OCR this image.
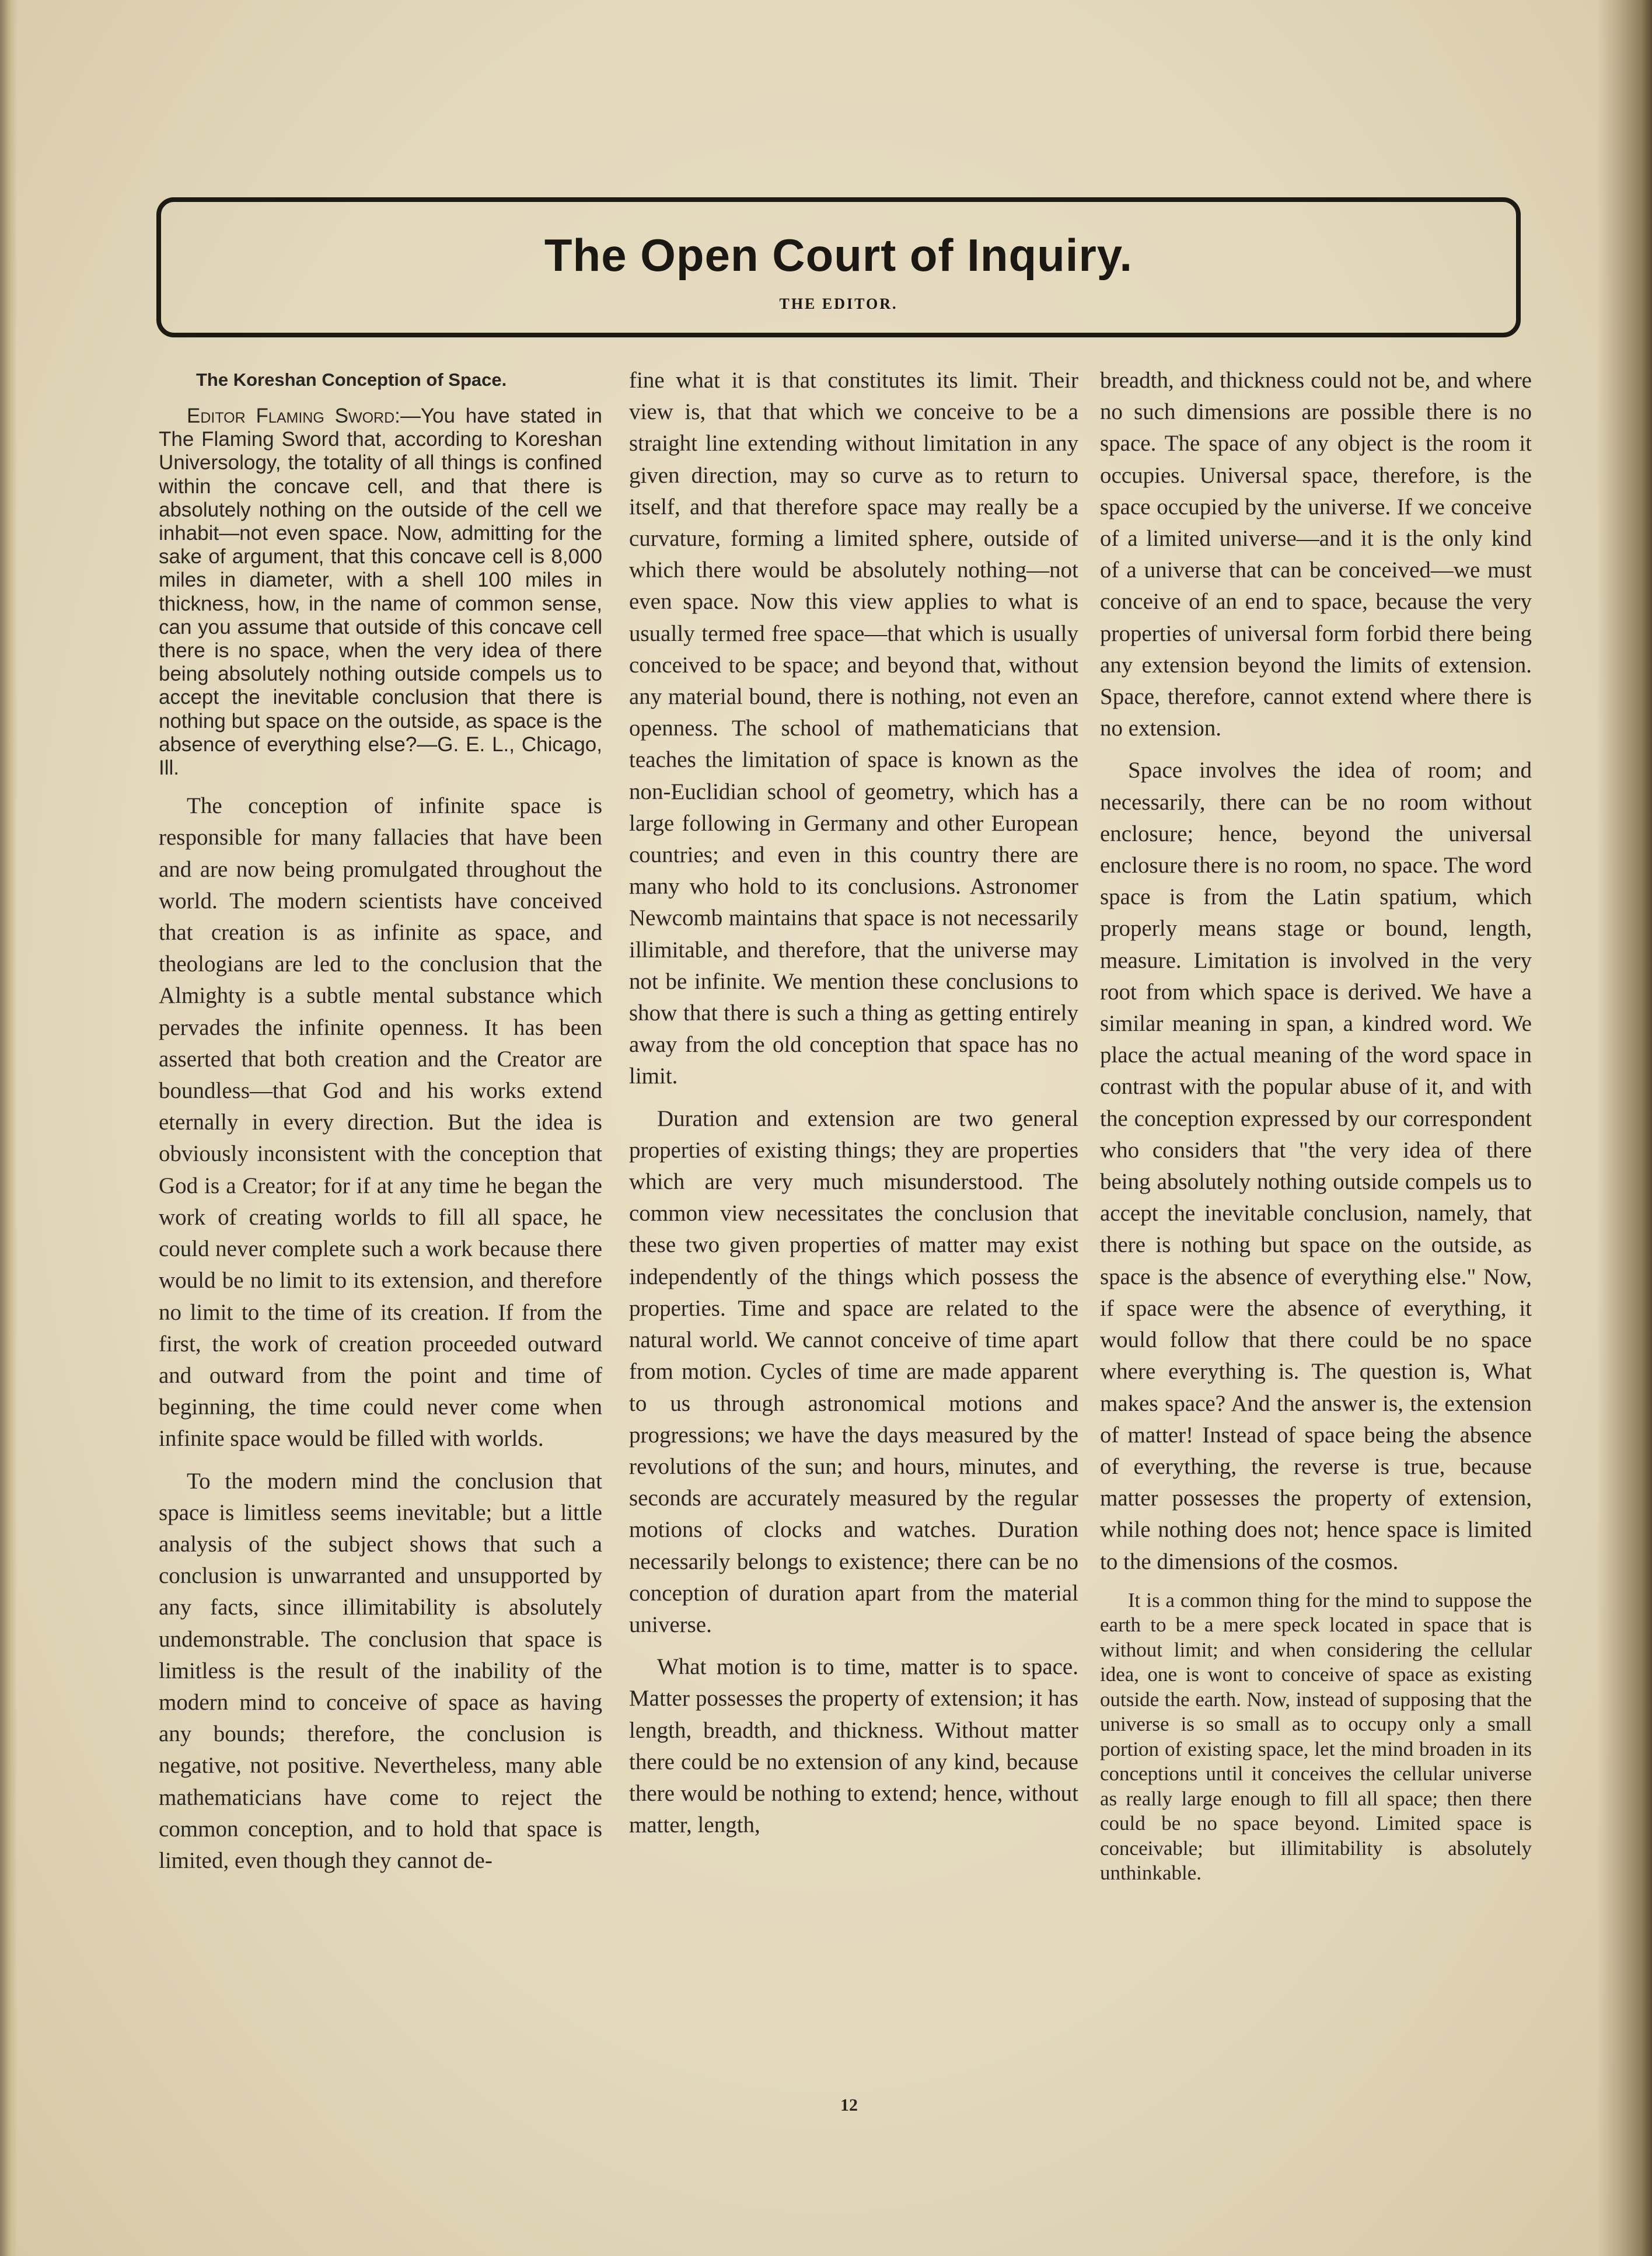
The Open Court of Inquiry.
THE EDITOR.
The Koreshan Conception of Space.

Editor Flaming Sword:—You have stated in The Flaming Sword that, according to Koreshan Universology, the totality of all things is confined within the concave cell, and that there is absolutely nothing on the outside of the cell we inhabit—not even space. Now, admitting for the sake of argument, that this concave cell is 8,000 miles in diameter, with a shell 100 miles in thickness, how, in the name of common sense, can you assume that outside of this concave cell there is no space, when the very idea of there being absolutely nothing outside compels us to accept the inevitable conclusion that there is nothing but space on the outside, as space is the absence of everything else?—G. E. L., Chicago, Ill.

The conception of infinite space is responsible for many fallacies that have been and are now being promulgated throughout the world. The modern scientists have conceived that creation is as infinite as space, and theologians are led to the conclusion that the Almighty is a subtle mental substance which pervades the infinite openness. It has been asserted that both creation and the Creator are boundless—that God and his works extend eternally in every direction. But the idea is obviously inconsistent with the conception that God is a Creator; for if at any time he began the work of creating worlds to fill all space, he could never complete such a work because there would be no limit to its extension, and therefore no limit to the time of its creation. If from the first, the work of creation proceeded outward and outward from the point and time of beginning, the time could never come when infinite space would be filled with worlds.

To the modern mind the conclusion that space is limitless seems inevitable; but a little analysis of the subject shows that such a conclusion is unwarranted and unsupported by any facts, since illimitability is absolutely undemonstrable. The conclusion that space is limitless is the result of the inability of the modern mind to conceive of space as having any bounds; therefore, the conclusion is negative, not positive. Nevertheless, many able mathematicians have come to reject the common conception, and to hold that space is limited, even though they cannot de-

fine what it is that constitutes its limit. Their view is, that that which we conceive to be a straight line extending without limitation in any given direction, may so curve as to return to itself, and that therefore space may really be a curvature, forming a limited sphere, outside of which there would be absolutely nothing—not even space. Now this view applies to what is usually termed free space—that which is usually conceived to be space; and beyond that, without any material bound, there is nothing, not even an openness. The school of mathematicians that teaches the limitation of space is known as the non-Euclidian school of geometry, which has a large following in Germany and other European countries; and even in this country there are many who hold to its conclusions. Astronomer Newcomb maintains that space is not necessarily illimitable, and therefore, that the universe may not be infinite. We mention these conclusions to show that there is such a thing as getting entirely away from the old conception that space has no limit.

Duration and extension are two general properties of existing things; they are properties which are very much misunderstood. The common view necessitates the conclusion that these two given properties of matter may exist independently of the things which possess the properties. Time and space are related to the natural world. We cannot conceive of time apart from motion. Cycles of time are made apparent to us through astronomical motions and progressions; we have the days measured by the revolutions of the sun; and hours, minutes, and seconds are accurately measured by the regular motions of clocks and watches. Duration necessarily belongs to existence; there can be no conception of duration apart from the material universe.

What motion is to time, matter is to space. Matter possesses the property of extension; it has length, breadth, and thickness. Without matter there could be no extension of any kind, because there would be nothing to extend; hence, without matter, length,

breadth, and thickness could not be, and where no such dimensions are possible there is no space. The space of any object is the room it occupies. Universal space, therefore, is the space occupied by the universe. If we conceive of a limited universe—and it is the only kind of a universe that can be conceived—we must conceive of an end to space, because the very properties of universal form forbid there being any extension beyond the limits of extension. Space, therefore, cannot extend where there is no extension.

Space involves the idea of room; and necessarily, there can be no room without enclosure; hence, beyond the universal enclosure there is no room, no space. The word space is from the Latin spatium, which properly means stage or bound, length, measure. Limitation is involved in the very root from which space is derived. We have a similar meaning in span, a kindred word. We place the actual meaning of the word space in contrast with the popular abuse of it, and with the conception expressed by our correspondent who considers that "the very idea of there being absolutely nothing outside compels us to accept the inevitable conclusion, namely, that there is nothing but space on the outside, as space is the absence of everything else." Now, if space were the absence of everything, it would follow that there could be no space where everything is. The question is, What makes space? And the answer is, the extension of matter! Instead of space being the absence of everything, the reverse is true, because matter possesses the property of extension, while nothing does not; hence space is limited to the dimensions of the cosmos.

It is a common thing for the mind to suppose the earth to be a mere speck located in space that is without limit; and when considering the cellular idea, one is wont to conceive of space as existing outside the earth. Now, instead of supposing that the universe is so small as to occupy only a small portion of existing space, let the mind broaden in its conceptions until it conceives the cellular universe as really large enough to fill all space; then there could be no space beyond. Limited space is conceivable; but illimitability is absolutely unthinkable.

12
